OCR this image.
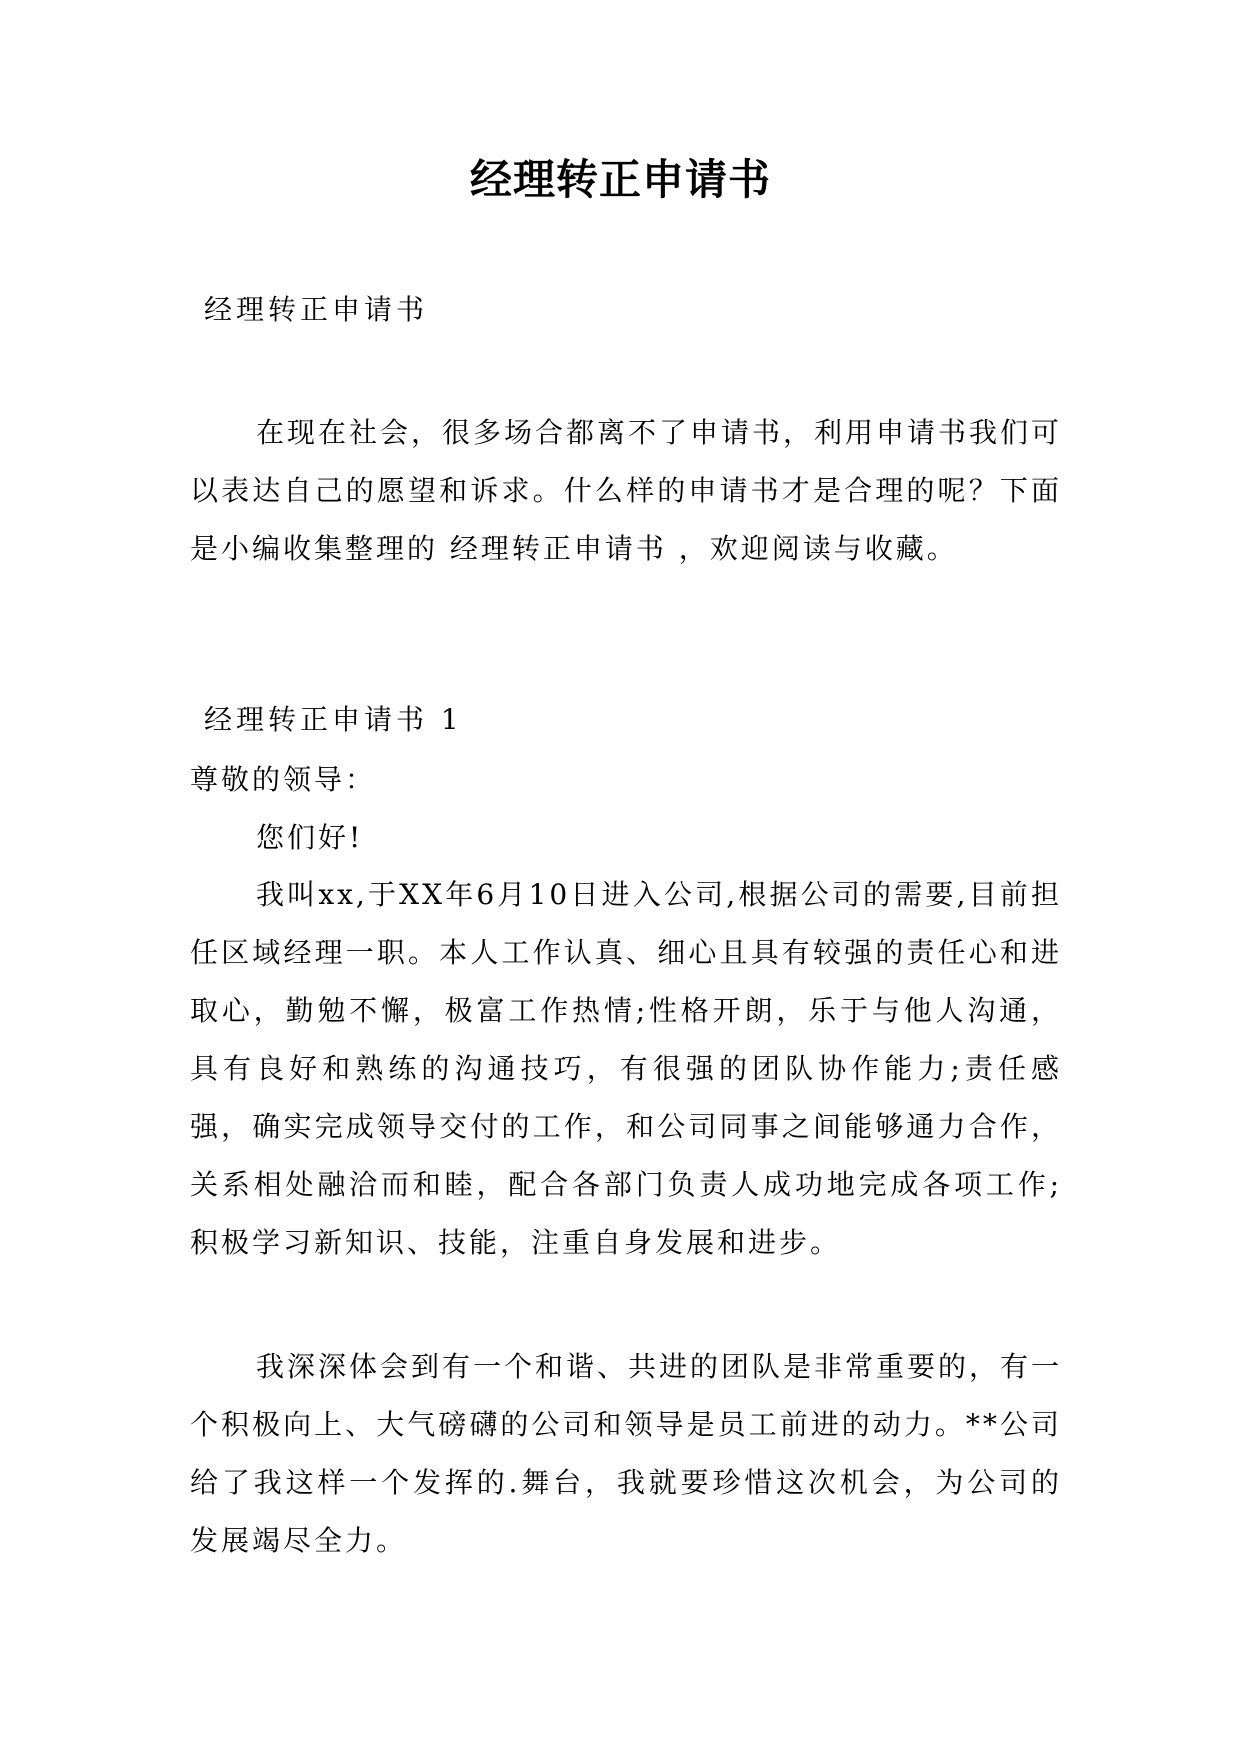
经理转正申请书

经理转正申请书

在现在社会，很多场合都离不了申请书，利用申请书我们可以表达自己的愿望和诉求。什么样的申请书才是合理的呢？下面是小编收集整理的 经理转正申请书 ，欢迎阅读与收藏。

经理转正申请书 1

尊敬的领导：

您们好!

我叫xx,于XX年6月10日进入公司,根据公司的需要,目前担任区域经理一职。本人工作认真、细心且具有较强的责任心和进取心，勤勉不懈，极富工作热情;性格开朗，乐于与他人沟通，具有良好和熟练的沟通技巧，有很强的团队协作能力;责任感强，确实完成领导交付的工作，和公司同事之间能够通力合作，关系相处融洽而和睦，配合各部门负责人成功地完成各项工作;积极学习新知识、技能，注重自身发展和进步。

我深深体会到有一个和谐、共进的团队是非常重要的，有一个积极向上、大气磅礴的公司和领导是员工前进的动力。**公司给了我这样一个发挥的.舞台，我就要珍惜这次机会，为公司的发展竭尽全力。
